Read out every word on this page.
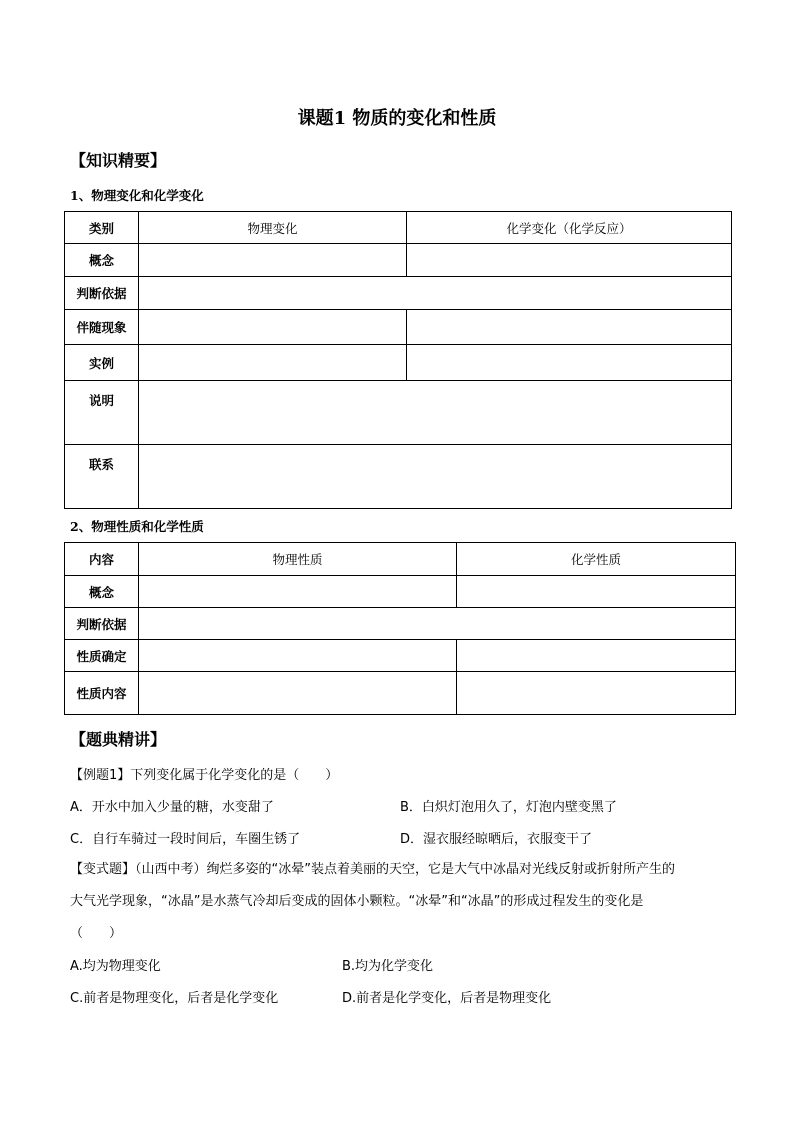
课题1 物质的变化和性质
【知识精要】
1、物理变化和化学变化
类别	物理变化	化学变化（化学反应）
概念		
判断依据		
伴随现象		
实例		
说明		
联系		
2、物理性质和化学性质
内容	物理性质	化学性质
概念		
判断依据		
性质确定		
性质内容		
【题典精讲】
【例题1】下列变化属于化学变化的是（　　）
A．开水中加入少量的糖，水变甜了	B．白炽灯泡用久了，灯泡内壁变黑了
C．自行车骑过一段时间后，车圈生锈了	D．湿衣服经晾晒后，衣服变干了
【变式题】（山西中考）绚烂多姿的“冰晕”装点着美丽的天空，它是大气中冰晶对光线反射或折射所产生的
大气光学现象，“冰晶”是水蒸气冷却后变成的固体小颗粒。“冰晕”和“冰晶”的形成过程发生的变化是
（　　）
A.均为物理变化	B.均为化学变化
C.前者是物理变化，后者是化学变化	D.前者是化学变化，后者是物理变化
